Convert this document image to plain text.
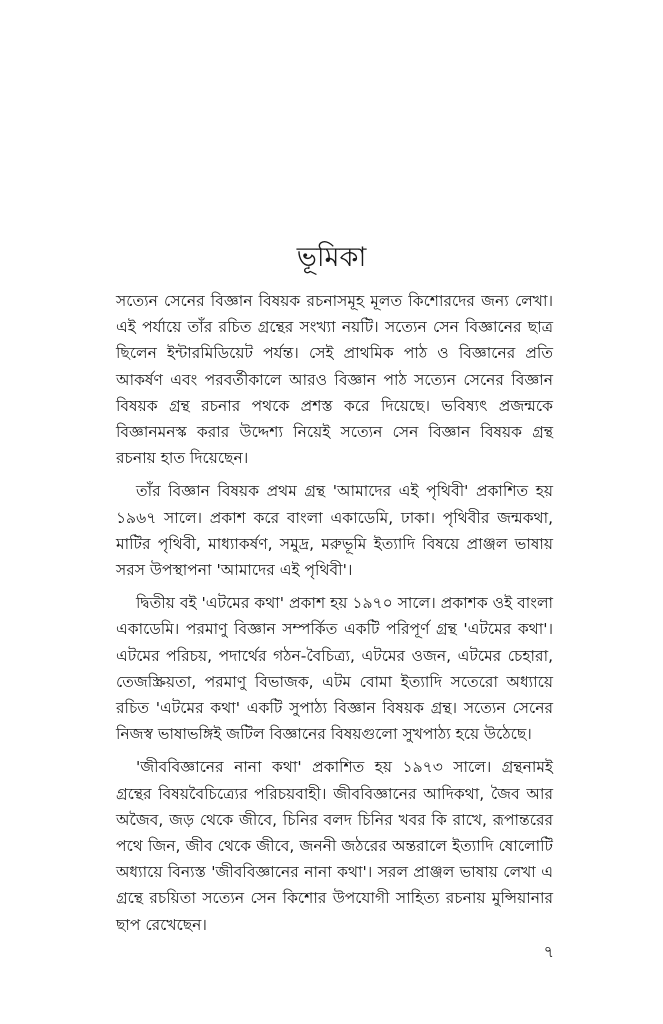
ভূমিকা

সত্যেন সেনের বিজ্ঞান বিষয়ক রচনাসমূহ মূলত কিশোরদের জন্য লেখা। এই পর্যায়ে তাঁর রচিত গ্রন্থের সংখ্যা নয়টি। সত্যেন সেন বিজ্ঞানের ছাত্র ছিলেন ইন্টারমিডিয়েট পর্যন্ত। সেই প্রাথমিক পাঠ ও বিজ্ঞানের প্রতি আকর্ষণ এবং পরবর্তীকালে আরও বিজ্ঞান পাঠ সত্যেন সেনের বিজ্ঞান বিষয়ক গ্রন্থ রচনার পথকে প্রশস্ত করে দিয়েছে। ভবিষ্যৎ প্রজন্মকে বিজ্ঞানমনস্ক করার উদ্দেশ্য নিয়েই সত্যেন সেন বিজ্ঞান বিষয়ক গ্রন্থ রচনায় হাত দিয়েছেন।

তাঁর বিজ্ঞান বিষয়ক প্রথম গ্রন্থ 'আমাদের এই পৃথিবী' প্রকাশিত হয় ১৯৬৭ সালে। প্রকাশ করে বাংলা একাডেমি, ঢাকা। পৃথিবীর জন্মকথা, মাটির পৃথিবী, মাধ্যাকর্ষণ, সমুদ্র, মরুভূমি ইত্যাদি বিষয়ে প্রাঞ্জল ভাষায় সরস উপস্থাপনা 'আমাদের এই পৃথিবী'।

দ্বিতীয় বই 'এটমের কথা' প্রকাশ হয় ১৯৭০ সালে। প্রকাশক ওই বাংলা একাডেমি। পরমাণু বিজ্ঞান সম্পর্কিত একটি পরিপূর্ণ গ্রন্থ 'এটমের কথা'। এটমের পরিচয়, পদার্থের গঠন-বৈচিত্র্য, এটমের ওজন, এটমের চেহারা, তেজস্ক্রিয়তা, পরমাণু বিভাজক, এটম বোমা ইত্যাদি সতেরো অধ্যায়ে রচিত 'এটমের কথা' একটি সুপাঠ্য বিজ্ঞান বিষয়ক গ্রন্থ। সত্যেন সেনের নিজস্ব ভাষাভঙ্গিই জটিল বিজ্ঞানের বিষয়গুলো সুখপাঠ্য হয়ে উঠেছে।

'জীববিজ্ঞানের নানা কথা' প্রকাশিত হয় ১৯৭৩ সালে। গ্রন্থনামই গ্রন্থের বিষয়বৈচিত্র্যের পরিচয়বাহী। জীববিজ্ঞানের আদিকথা, জৈব আর অজৈব, জড় থেকে জীবে, চিনির বলদ চিনির খবর কি রাখে, রূপান্তরের পথে জিন, জীব থেকে জীবে, জননী জঠরের অন্তরালে ইত্যাদি ষোলোটি অধ্যায়ে বিন্যস্ত 'জীববিজ্ঞানের নানা কথা'। সরল প্রাঞ্জল ভাষায় লেখা এ গ্রন্থে রচয়িতা সত্যেন সেন কিশোর উপযোগী সাহিত্য রচনায় মুন্সিয়ানার ছাপ রেখেছেন।

৭
